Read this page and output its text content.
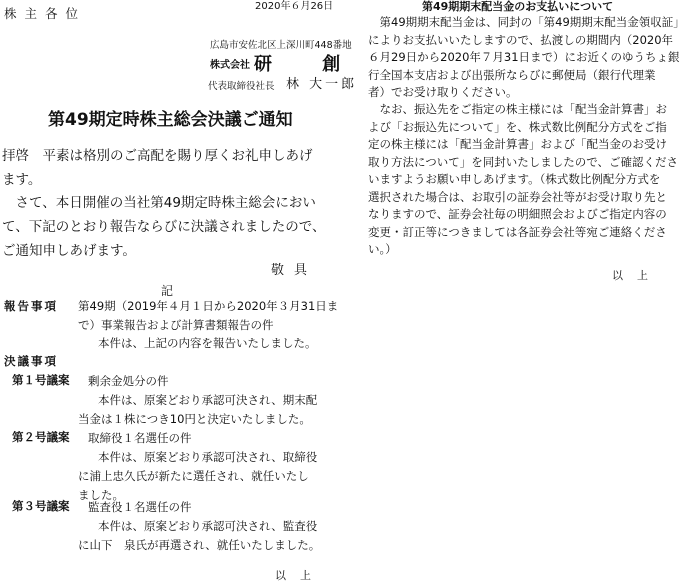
2020年６月26日
株主各位
広島市安佐北区上深川町448番地
株式会社 研 創
代表取締役社長 林 大一郎
第49期定時株主総会決議ご通知
拝啓　平素は格別のご高配を賜り厚くお礼申しあげ
ます。
　さて、本日開催の当社第49期定時株主総会におい
て、下記のとおり報告ならびに決議されましたので、
ご通知申しあげます。
敬具
記
報告事項 第49期（2019年４月１日から2020年３月31日ま
で）事業報告および計算書類報告の件
本件は、上記の内容を報告いたしました。
決議事項
第１号議案 剰余金処分の件
本件は、原案どおり承認可決され、期末配
当金は１株につき10円と決定いたしました。
第２号議案 取締役１名選任の件
本件は、原案どおり承認可決され、取締役
に浦上忠久氏が新たに選任され、就任いたし
ました。
第３号議案 監査役１名選任の件
本件は、原案どおり承認可決され、監査役
に山下　泉氏が再選され、就任いたしました。
以上
第49期期末配当金のお支払いについて
　第49期期末配当金は、同封の「第49期期末配当金領収証」
によりお支払いいたしますので、払渡しの期間内（2020年
６月29日から2020年７月31日まで）にお近くのゆうちょ銀
行全国本支店および出張所ならびに郵便局（銀行代理業
者）でお受け取りください。
　なお、振込先をご指定の株主様には「配当金計算書」お
よび「お振込先について」を、株式数比例配分方式をご指
定の株主様には「配当金計算書」および「配当金のお受け
取り方法について」を同封いたしましたので、ご確認くださ
いますようお願い申しあげます。（株式数比例配分方式を
選択された場合は、お取引の証券会社等がお受け取り先と
なりますので、証券会社毎の明細照会およびご指定内容の
変更・訂正等につきましては各証券会社等宛ご連絡くださ
い。）
以上
